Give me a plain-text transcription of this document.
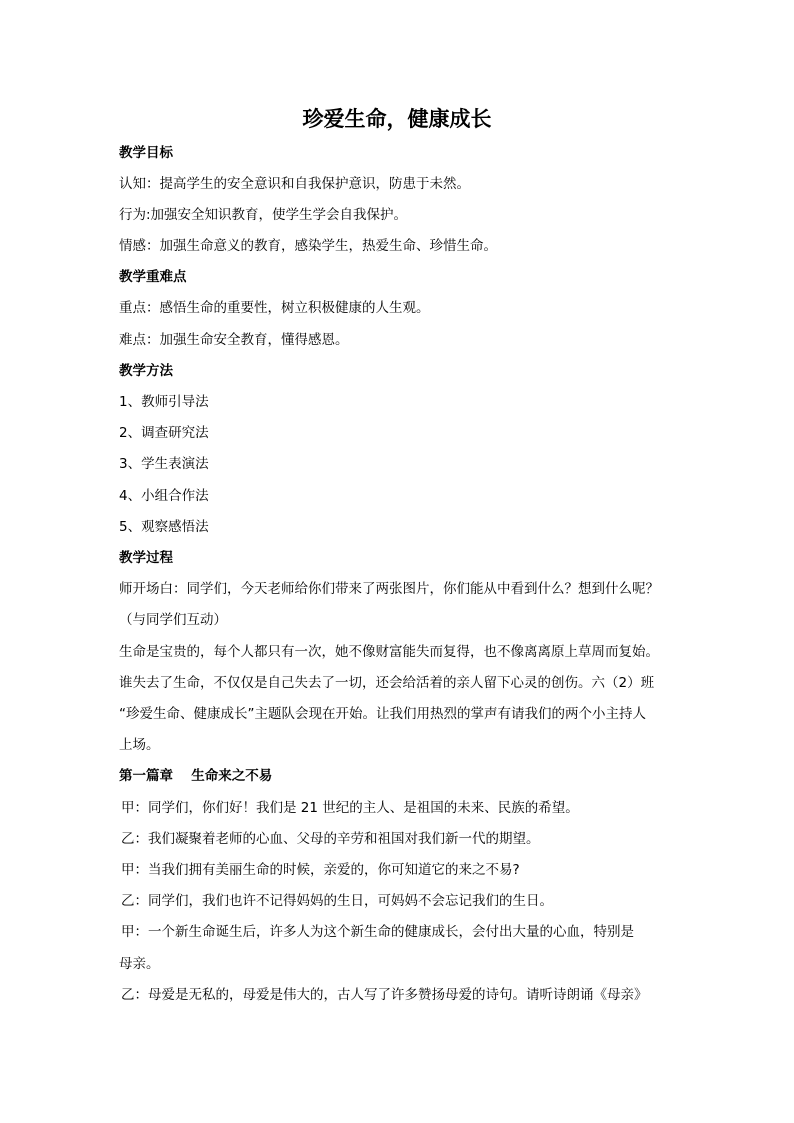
珍爱生命，健康成长
教学目标
认知：提高学生的安全意识和自我保护意识，防患于未然。
行为:加强安全知识教育，使学生学会自我保护。
情感：加强生命意义的教育，感染学生，热爱生命、珍惜生命。
教学重难点
重点：感悟生命的重要性，树立积极健康的人生观。
难点：加强生命安全教育，懂得感恩。
教学方法
1、教师引导法
2、调查研究法
3、学生表演法
4、小组合作法
5、观察感悟法
教学过程
师开场白：同学们，今天老师给你们带来了两张图片，你们能从中看到什么？想到什么呢？
（与同学们互动）
生命是宝贵的，每个人都只有一次，她不像财富能失而复得，也不像离离原上草周而复始。
谁失去了生命，不仅仅是自己失去了一切，还会给活着的亲人留下心灵的创伤。六（2）班
“珍爱生命、健康成长”主题队会现在开始。让我们用热烈的掌声有请我们的两个小主持人
上场。
第一篇章　 生命来之不易
甲：同学们，你们好！我们是 21 世纪的主人、是祖国的未来、民族的希望。
乙：我们凝聚着老师的心血、父母的辛劳和祖国对我们新一代的期望。
甲：当我们拥有美丽生命的时候，亲爱的，你可知道它的来之不易?
乙：同学们，我们也许不记得妈妈的生日，可妈妈不会忘记我们的生日。
甲：一个新生命诞生后，许多人为这个新生命的健康成长，会付出大量的心血，特别是
母亲。
乙：母爱是无私的，母爱是伟大的，古人写了许多赞扬母爱的诗句。请听诗朗诵《母亲》
